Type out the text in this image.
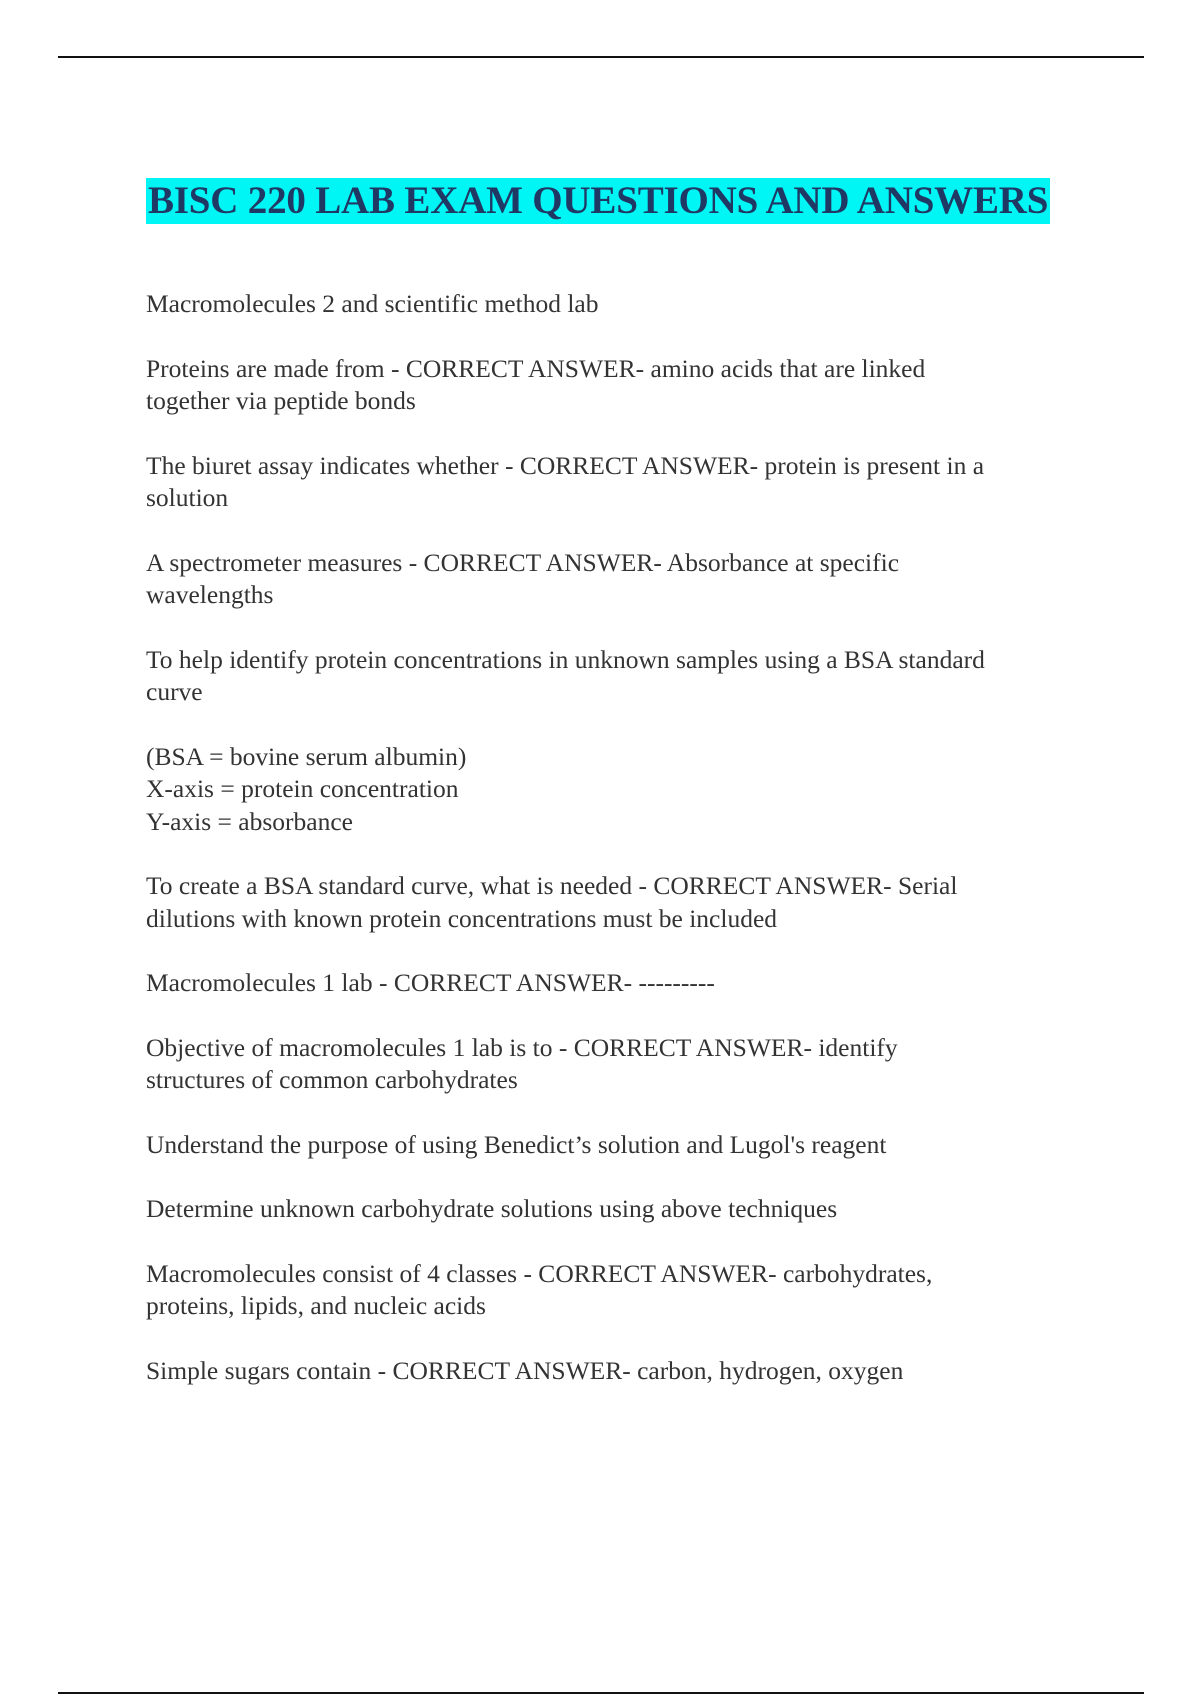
BISC 220 LAB EXAM QUESTIONS AND ANSWERS
Macromolecules 2 and scientific method lab
Proteins are made from - CORRECT ANSWER- amino acids that are linked
together via peptide bonds
The biuret assay indicates whether - CORRECT ANSWER- protein is present in a
solution
A spectrometer measures - CORRECT ANSWER- Absorbance at specific
wavelengths
To help identify protein concentrations in unknown samples using a BSA standard
curve
(BSA = bovine serum albumin)
X-axis = protein concentration
Y-axis = absorbance
To create a BSA standard curve, what is needed - CORRECT ANSWER- Serial
dilutions with known protein concentrations must be included
Macromolecules 1 lab - CORRECT ANSWER- ---------
Objective of macromolecules 1 lab is to - CORRECT ANSWER- identify
structures of common carbohydrates
Understand the purpose of using Benedict’s solution and Lugol's reagent
Determine unknown carbohydrate solutions using above techniques
Macromolecules consist of 4 classes - CORRECT ANSWER- carbohydrates,
proteins, lipids, and nucleic acids
Simple sugars contain - CORRECT ANSWER- carbon, hydrogen, oxygen
